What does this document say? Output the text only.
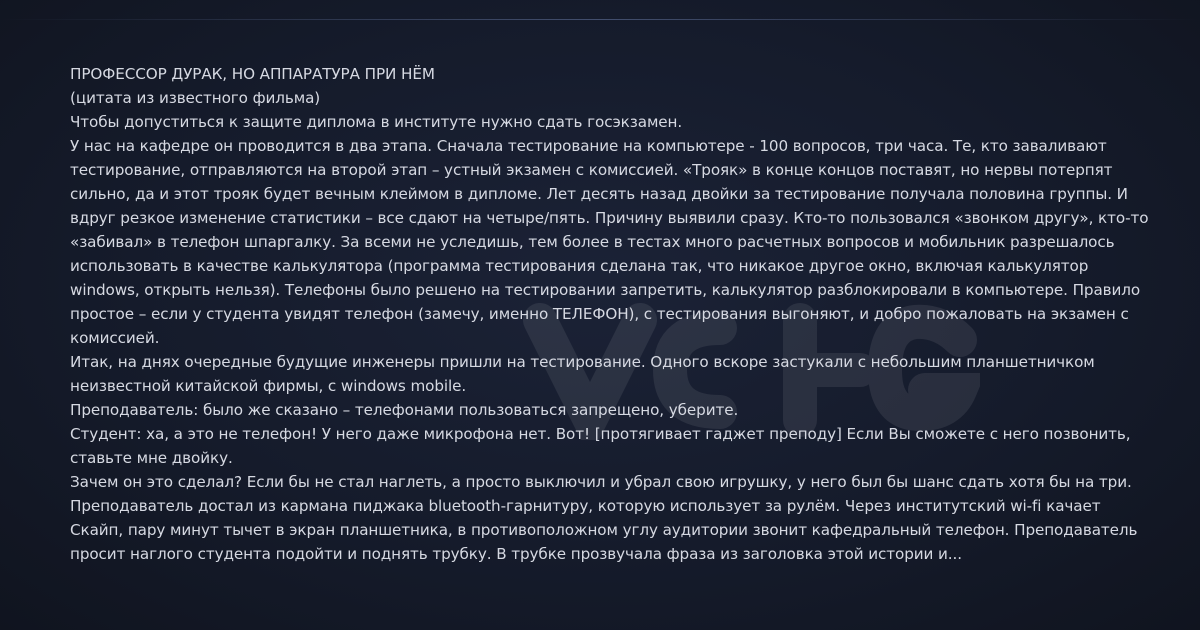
ПРОФЕССОР ДУРАК, НО АППАРАТУРА ПРИ НЁМ

(цитата из известного фильма)

Чтобы допуститься к защите диплома в институте нужно сдать госэкзамен.

У нас на кафедре он проводится в два этапа. Сначала тестирование на компьютере - 100 вопросов, три часа. Те, кто заваливают тестирование, отправляются на второй этап – устный экзамен с комиссией. «Трояк» в конце концов поставят, но нервы потерпят сильно, да и этот трояк будет вечным клеймом в дипломе. Лет десять назад двойки за тестирование получала половина группы. И вдруг резкое изменение статистики – все сдают на четыре/пять. Причину выявили сразу. Кто-то пользовался «звонком другу», кто-то «забивал» в телефон шпаргалку. За всеми не уследишь, тем более в тестах много расчетных вопросов и мобильник разрешалось использовать в качестве калькулятора (программа тестирования сделана так, что никакое другое окно, включая калькулятор windows, открыть нельзя). Телефоны было решено на тестировании запретить, калькулятор разблокировали в компьютере. Правило простое – если у студента увидят телефон (замечу, именно ТЕЛЕФОН), с тестирования выгоняют, и добро пожаловать на экзамен с комиссией.

Итак, на днях очередные будущие инженеры пришли на тестирование. Одного вскоре застукали с небольшим планшетничком неизвестной китайской фирмы, с windows mobile.

Преподаватель: было же сказано – телефонами пользоваться запрещено, уберите.

Студент: ха, а это не телефон! У него даже микрофона нет. Вот! [протягивает гаджет преподу] Если Вы сможете с него позвонить, ставьте мне двойку.

Зачем он это сделал? Если бы не стал наглеть, а просто выключил и убрал свою игрушку, у него был бы шанс сдать хотя бы на три. Преподаватель достал из кармана пиджака bluetooth-гарнитуру, которую использует за рулём. Через институтский wi-fi качает Скайп, пару минут тычет в экран планшетника, в противоположном углу аудитории звонит кафедральный телефон. Преподаватель просит наглого студента подойти и поднять трубку. В трубке прозвучала фраза из заголовка этой истории и...
